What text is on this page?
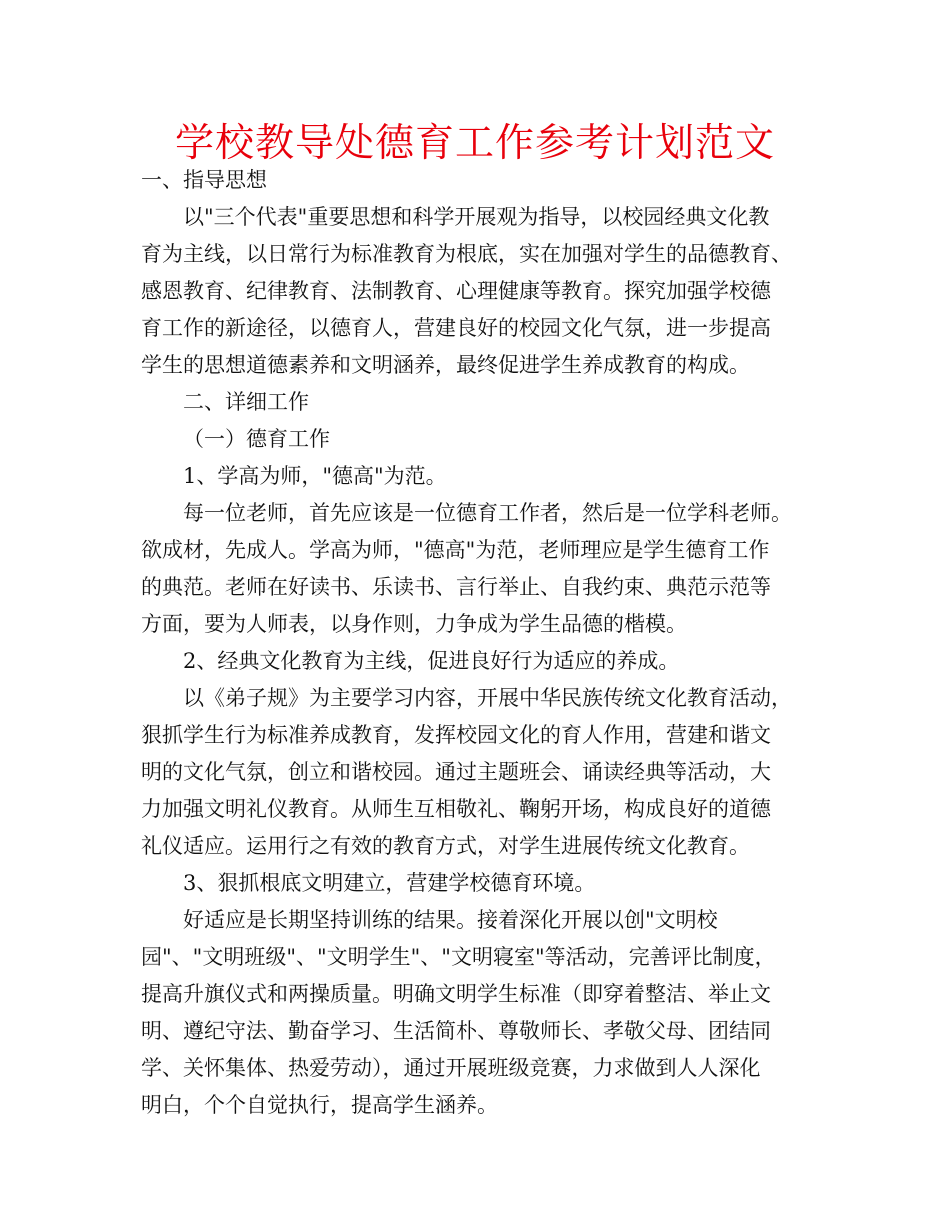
学校教导处德育工作参考计划范文
一、指导思想
以"三个代表"重要思想和科学开展观为指导，以校园经典文化教
育为主线，以日常行为标准教育为根底，实在加强对学生的品德教育、
感恩教育、纪律教育、法制教育、心理健康等教育。探究加强学校德
育工作的新途径，以德育人，营建良好的校园文化气氛，进一步提高
学生的思想道德素养和文明涵养，最终促进学生养成教育的构成。
二、详细工作
（一）德育工作
1、学高为师，"德高"为范。
每一位老师，首先应该是一位德育工作者，然后是一位学科老师。
欲成材，先成人。学高为师，"德高"为范，老师理应是学生德育工作
的典范。老师在好读书、乐读书、言行举止、自我约束、典范示范等
方面，要为人师表，以身作则，力争成为学生品德的楷模。
2、经典文化教育为主线，促进良好行为适应的养成。
以《弟子规》为主要学习内容，开展中华民族传统文化教育活动，
狠抓学生行为标准养成教育，发挥校园文化的育人作用，营建和谐文
明的文化气氛，创立和谐校园。通过主题班会、诵读经典等活动，大
力加强文明礼仪教育。从师生互相敬礼、鞠躬开场，构成良好的道德
礼仪适应。运用行之有效的教育方式，对学生进展传统文化教育。
3、狠抓根底文明建立，营建学校德育环境。
好适应是长期坚持训练的结果。接着深化开展以创"文明校
园"、"文明班级"、"文明学生"、"文明寝室"等活动，完善评比制度，
提高升旗仪式和两操质量。明确文明学生标准（即穿着整洁、举止文
明、遵纪守法、勤奋学习、生活简朴、尊敬师长、孝敬父母、团结同
学、关怀集体、热爱劳动），通过开展班级竞赛，力求做到人人深化
明白，个个自觉执行，提高学生涵养。
